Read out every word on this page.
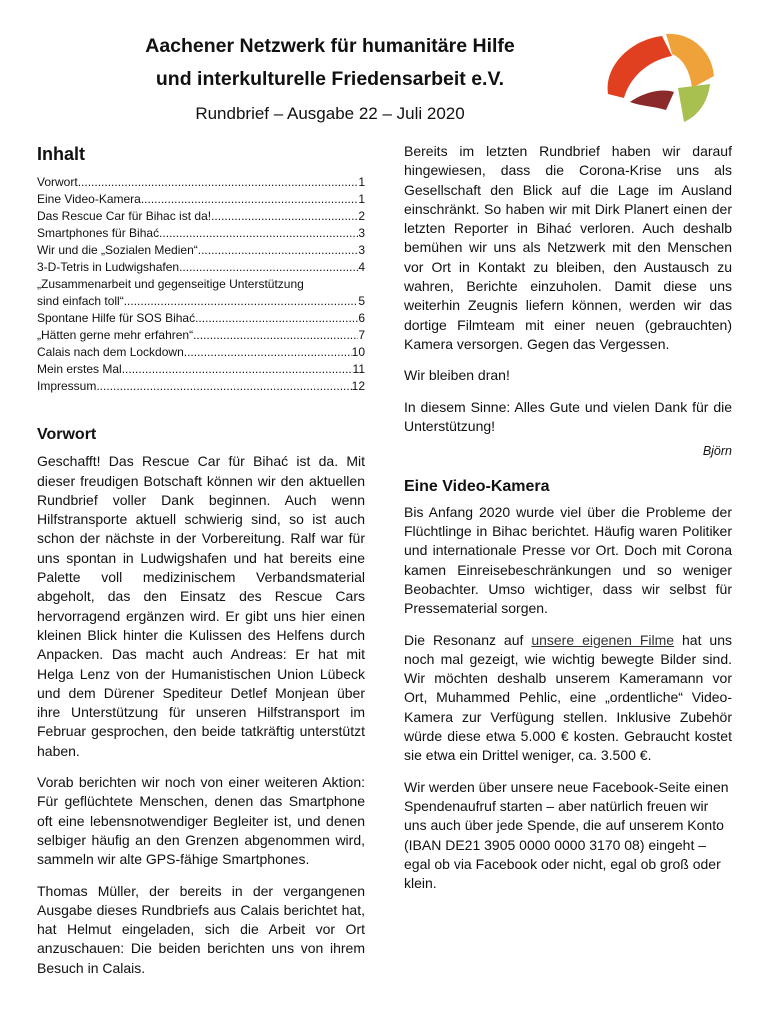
Aachener Netzwerk für humanitäre Hilfe
und interkulturelle Friedensarbeit e.V.
Rundbrief – Ausgabe 22 – Juli 2020
Inhalt
Vorwort .....	1
Eine Video-Kamera .....	1
Das Rescue Car für Bihac ist da! .....	2
Smartphones für Bihać .....	3
Wir und die „Sozialen Medien“ .....	3
3-D-Tetris in Ludwigshafen .....	4
„Zusammenarbeit und gegenseitige Unterstützung
sind einfach toll“ .....	5
Spontane Hilfe für SOS Bihać .....	6
„Hätten gerne mehr erfahren“ .....	7
Calais nach dem Lockdown .....	10
Mein erstes Mal .....	11
Impressum .....	12
Vorwort

Geschafft! Das Rescue Car für Bihać ist da. Mit dieser freudigen Botschaft können wir den aktuellen Rundbrief voller Dank beginnen. Auch wenn Hilfstransporte aktuell schwierig sind, so ist auch schon der nächste in der Vorbereitung. Ralf war für uns spontan in Ludwigshafen und hat bereits eine Palette voll medizinischem Verbandsmaterial abgeholt, das den Einsatz des Rescue Cars hervorragend ergänzen wird. Er gibt uns hier einen kleinen Blick hinter die Kulissen des Helfens durch Anpacken. Das macht auch Andreas: Er hat mit Helga Lenz von der Humanistischen Union Lübeck und dem Dürener Spediteur Detlef Monjean über ihre Unterstützung für unseren Hilfstransport im Februar gesprochen, den beide tatkräftig unterstützt haben.

Vorab berichten wir noch von einer weiteren Aktion: Für geflüchtete Menschen, denen das Smartphone oft eine lebensnotwendiger Begleiter ist, und denen selbiger häufig an den Grenzen abgenommen wird, sammeln wir alte GPS-fähige Smartphones.

Thomas Müller, der bereits in der vergangenen Ausgabe dieses Rundbriefs aus Calais berichtet hat, hat Helmut eingeladen, sich die Arbeit vor Ort anzuschauen: Die beiden berichten uns von ihrem Besuch in Calais.

Bereits im letzten Rundbrief haben wir darauf hingewiesen, dass die Corona-Krise uns als Gesellschaft den Blick auf die Lage im Ausland einschränkt. So haben wir mit Dirk Planert einen der letzten Reporter in Bihać verloren. Auch deshalb bemühen wir uns als Netzwerk mit den Menschen vor Ort in Kontakt zu bleiben, den Austausch zu wahren, Berichte einzuholen. Damit diese uns weiterhin Zeugnis liefern können, werden wir das dortige Filmteam mit einer neuen (gebrauchten) Kamera versorgen. Gegen das Vergessen.

Wir bleiben dran!

In diesem Sinne: Alles Gute und vielen Dank für die Unterstützung!

Björn
Eine Video-Kamera

Bis Anfang 2020 wurde viel über die Probleme der Flüchtlinge in Bihac berichtet. Häufig waren Politiker und internationale Presse vor Ort. Doch mit Corona kamen Einreisebeschränkungen und so weniger Beobachter. Umso wichtiger, dass wir selbst für Pressematerial sorgen.

Die Resonanz auf unsere eigenen Filme hat uns noch mal gezeigt, wie wichtig bewegte Bilder sind. Wir möchten deshalb unserem Kameramann vor Ort, Muhammed Pehlic, eine „ordentliche“ Video-Kamera zur Verfügung stellen. Inklusive Zubehör würde diese etwa 5.000 € kosten. Gebraucht kostet sie etwa ein Drittel weniger, ca. 3.500 €.

Wir werden über unsere neue Facebook-Seite einen Spendenaufruf starten – aber natürlich freuen wir uns auch über jede Spende, die auf unserem Konto (IBAN DE21 3905 0000 0000 3170 08) eingeht – egal ob via Facebook oder nicht, egal ob groß oder klein.
